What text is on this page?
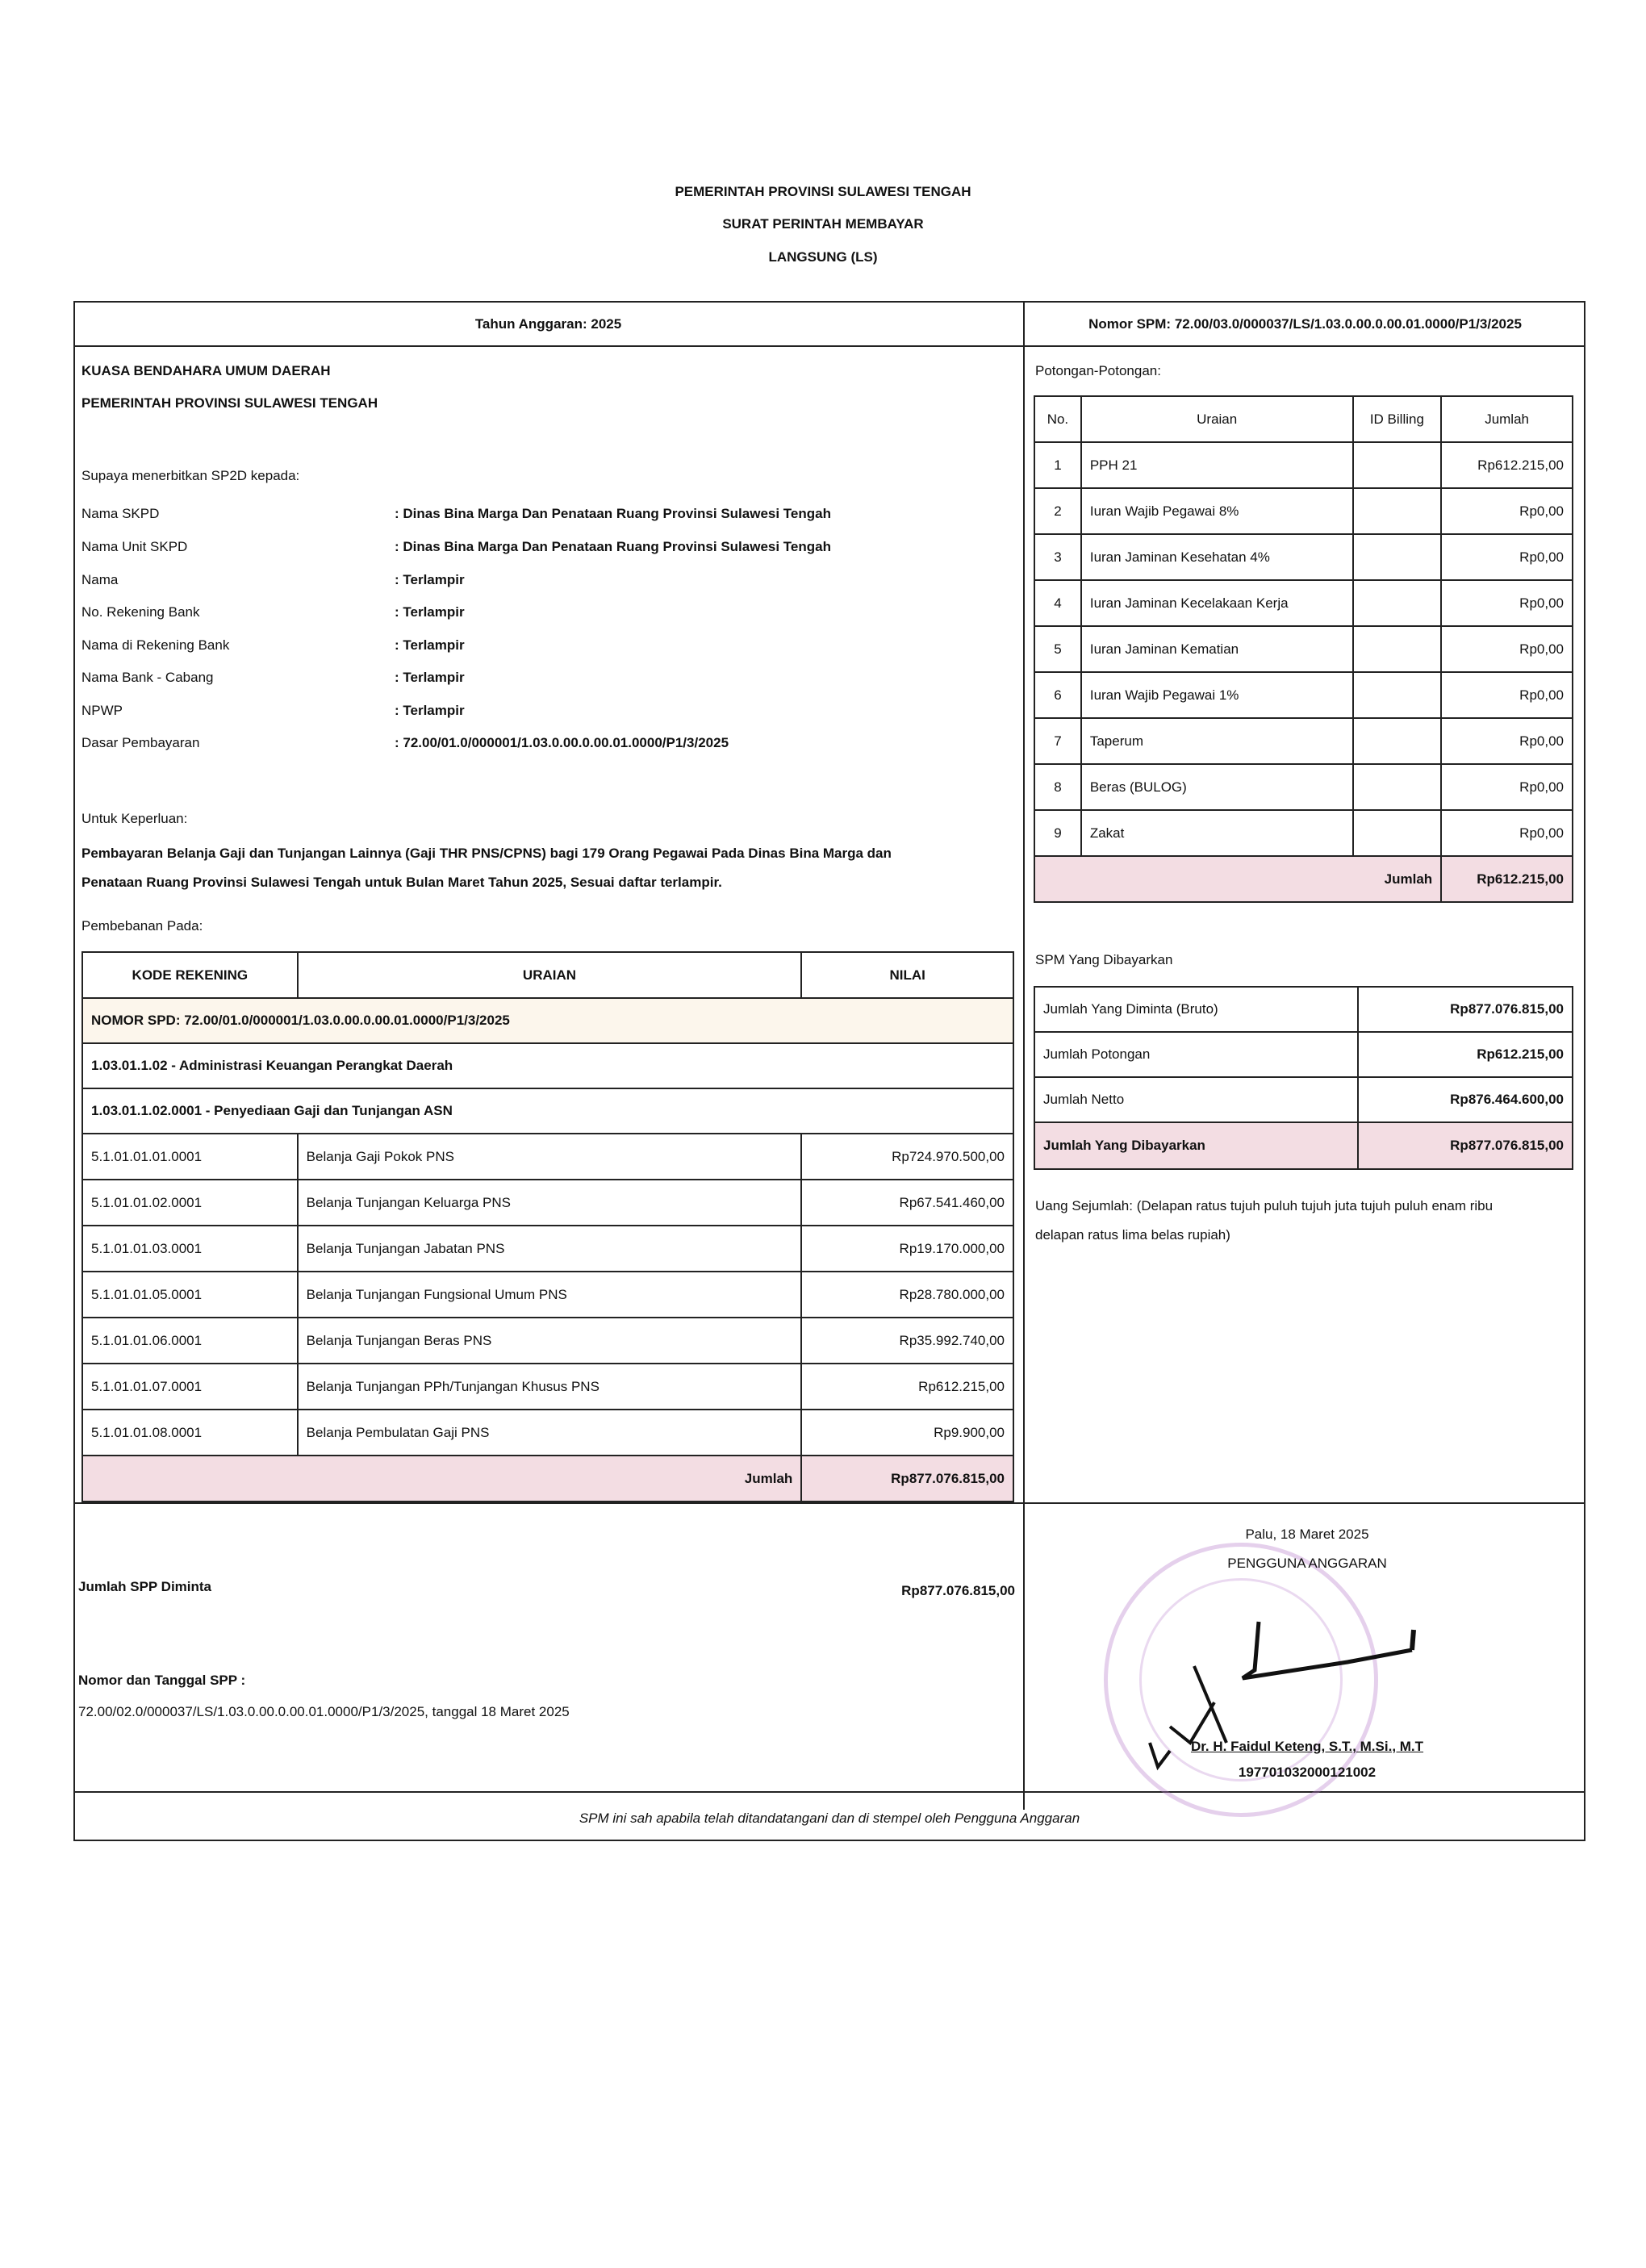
PEMERINTAH PROVINSI SULAWESI TENGAH
SURAT PERINTAH MEMBAYAR
LANGSUNG (LS)
Tahun Anggaran: 2025	Nomor SPM: 72.00/03.0/000037/LS/1.03.0.00.0.00.01.0000/P1/3/2025
KUASA BENDAHARA UMUM DAERAH
PEMERINTAH PROVINSI SULAWESI TENGAH
Supaya menerbitkan SP2D kepada:
Nama SKPD	: Dinas Bina Marga Dan Penataan Ruang Provinsi Sulawesi Tengah
Nama Unit SKPD	: Dinas Bina Marga Dan Penataan Ruang Provinsi Sulawesi Tengah
Nama	: Terlampir
No. Rekening Bank	: Terlampir
Nama di Rekening Bank	: Terlampir
Nama Bank - Cabang	: Terlampir
NPWP	: Terlampir
Dasar Pembayaran	: 72.00/01.0/000001/1.03.0.00.0.00.01.0000/P1/3/2025
Untuk Keperluan:
Pembayaran Belanja Gaji dan Tunjangan Lainnya (Gaji THR PNS/CPNS) bagi 179 Orang Pegawai Pada Dinas Bina Marga dan
Penataan Ruang Provinsi Sulawesi Tengah untuk Bulan Maret Tahun 2025, Sesuai daftar terlampir.
Pembebanan Pada:
KODE REKENING	URAIAN	NILAI
NOMOR SPD: 72.00/01.0/000001/1.03.0.00.0.00.01.0000/P1/3/2025		
1.03.01.1.02 - Administrasi Keuangan Perangkat Daerah		
1.03.01.1.02.0001 - Penyediaan Gaji dan Tunjangan ASN		
5.1.01.01.01.0001	Belanja Gaji Pokok PNS	Rp724.970.500,00
5.1.01.01.02.0001	Belanja Tunjangan Keluarga PNS	Rp67.541.460,00
5.1.01.01.03.0001	Belanja Tunjangan Jabatan PNS	Rp19.170.000,00
5.1.01.01.05.0001	Belanja Tunjangan Fungsional Umum PNS	Rp28.780.000,00
5.1.01.01.06.0001	Belanja Tunjangan Beras PNS	Rp35.992.740,00
5.1.01.01.07.0001	Belanja Tunjangan PPh/Tunjangan Khusus PNS	Rp612.215,00
5.1.01.01.08.0001	Belanja Pembulatan Gaji PNS	Rp9.900,00
Jumlah		Rp877.076.815,00
Potongan-Potongan:
No.	Uraian	ID Billing	Jumlah
1	PPH 21		Rp612.215,00
2	Iuran Wajib Pegawai 8%		Rp0,00
3	Iuran Jaminan Kesehatan 4%		Rp0,00
4	Iuran Jaminan Kecelakaan Kerja		Rp0,00
5	Iuran Jaminan Kematian		Rp0,00
6	Iuran Wajib Pegawai 1%		Rp0,00
7	Taperum		Rp0,00
8	Beras (BULOG)		Rp0,00
9	Zakat		Rp0,00
Jumlah			Rp612.215,00
SPM Yang Dibayarkan
Jumlah Yang Diminta (Bruto)	Rp877.076.815,00
Jumlah Potongan	Rp612.215,00
Jumlah Netto	Rp876.464.600,00
Jumlah Yang Dibayarkan	Rp877.076.815,00
Uang Sejumlah: (Delapan ratus tujuh puluh tujuh juta tujuh puluh enam ribu
delapan ratus lima belas rupiah)
Jumlah SPP Diminta	Rp877.076.815,00
Nomor dan Tanggal SPP :
72.00/02.0/000037/LS/1.03.0.00.0.00.01.0000/P1/3/2025, tanggal 18 Maret 2025
Palu, 18 Maret 2025
PENGGUNA ANGGARAN
Dr. H. Faidul Keteng, S.T., M.Si., M.T
197701032000121002
SPM ini sah apabila telah ditandatangani dan di stempel oleh Pengguna Anggaran
